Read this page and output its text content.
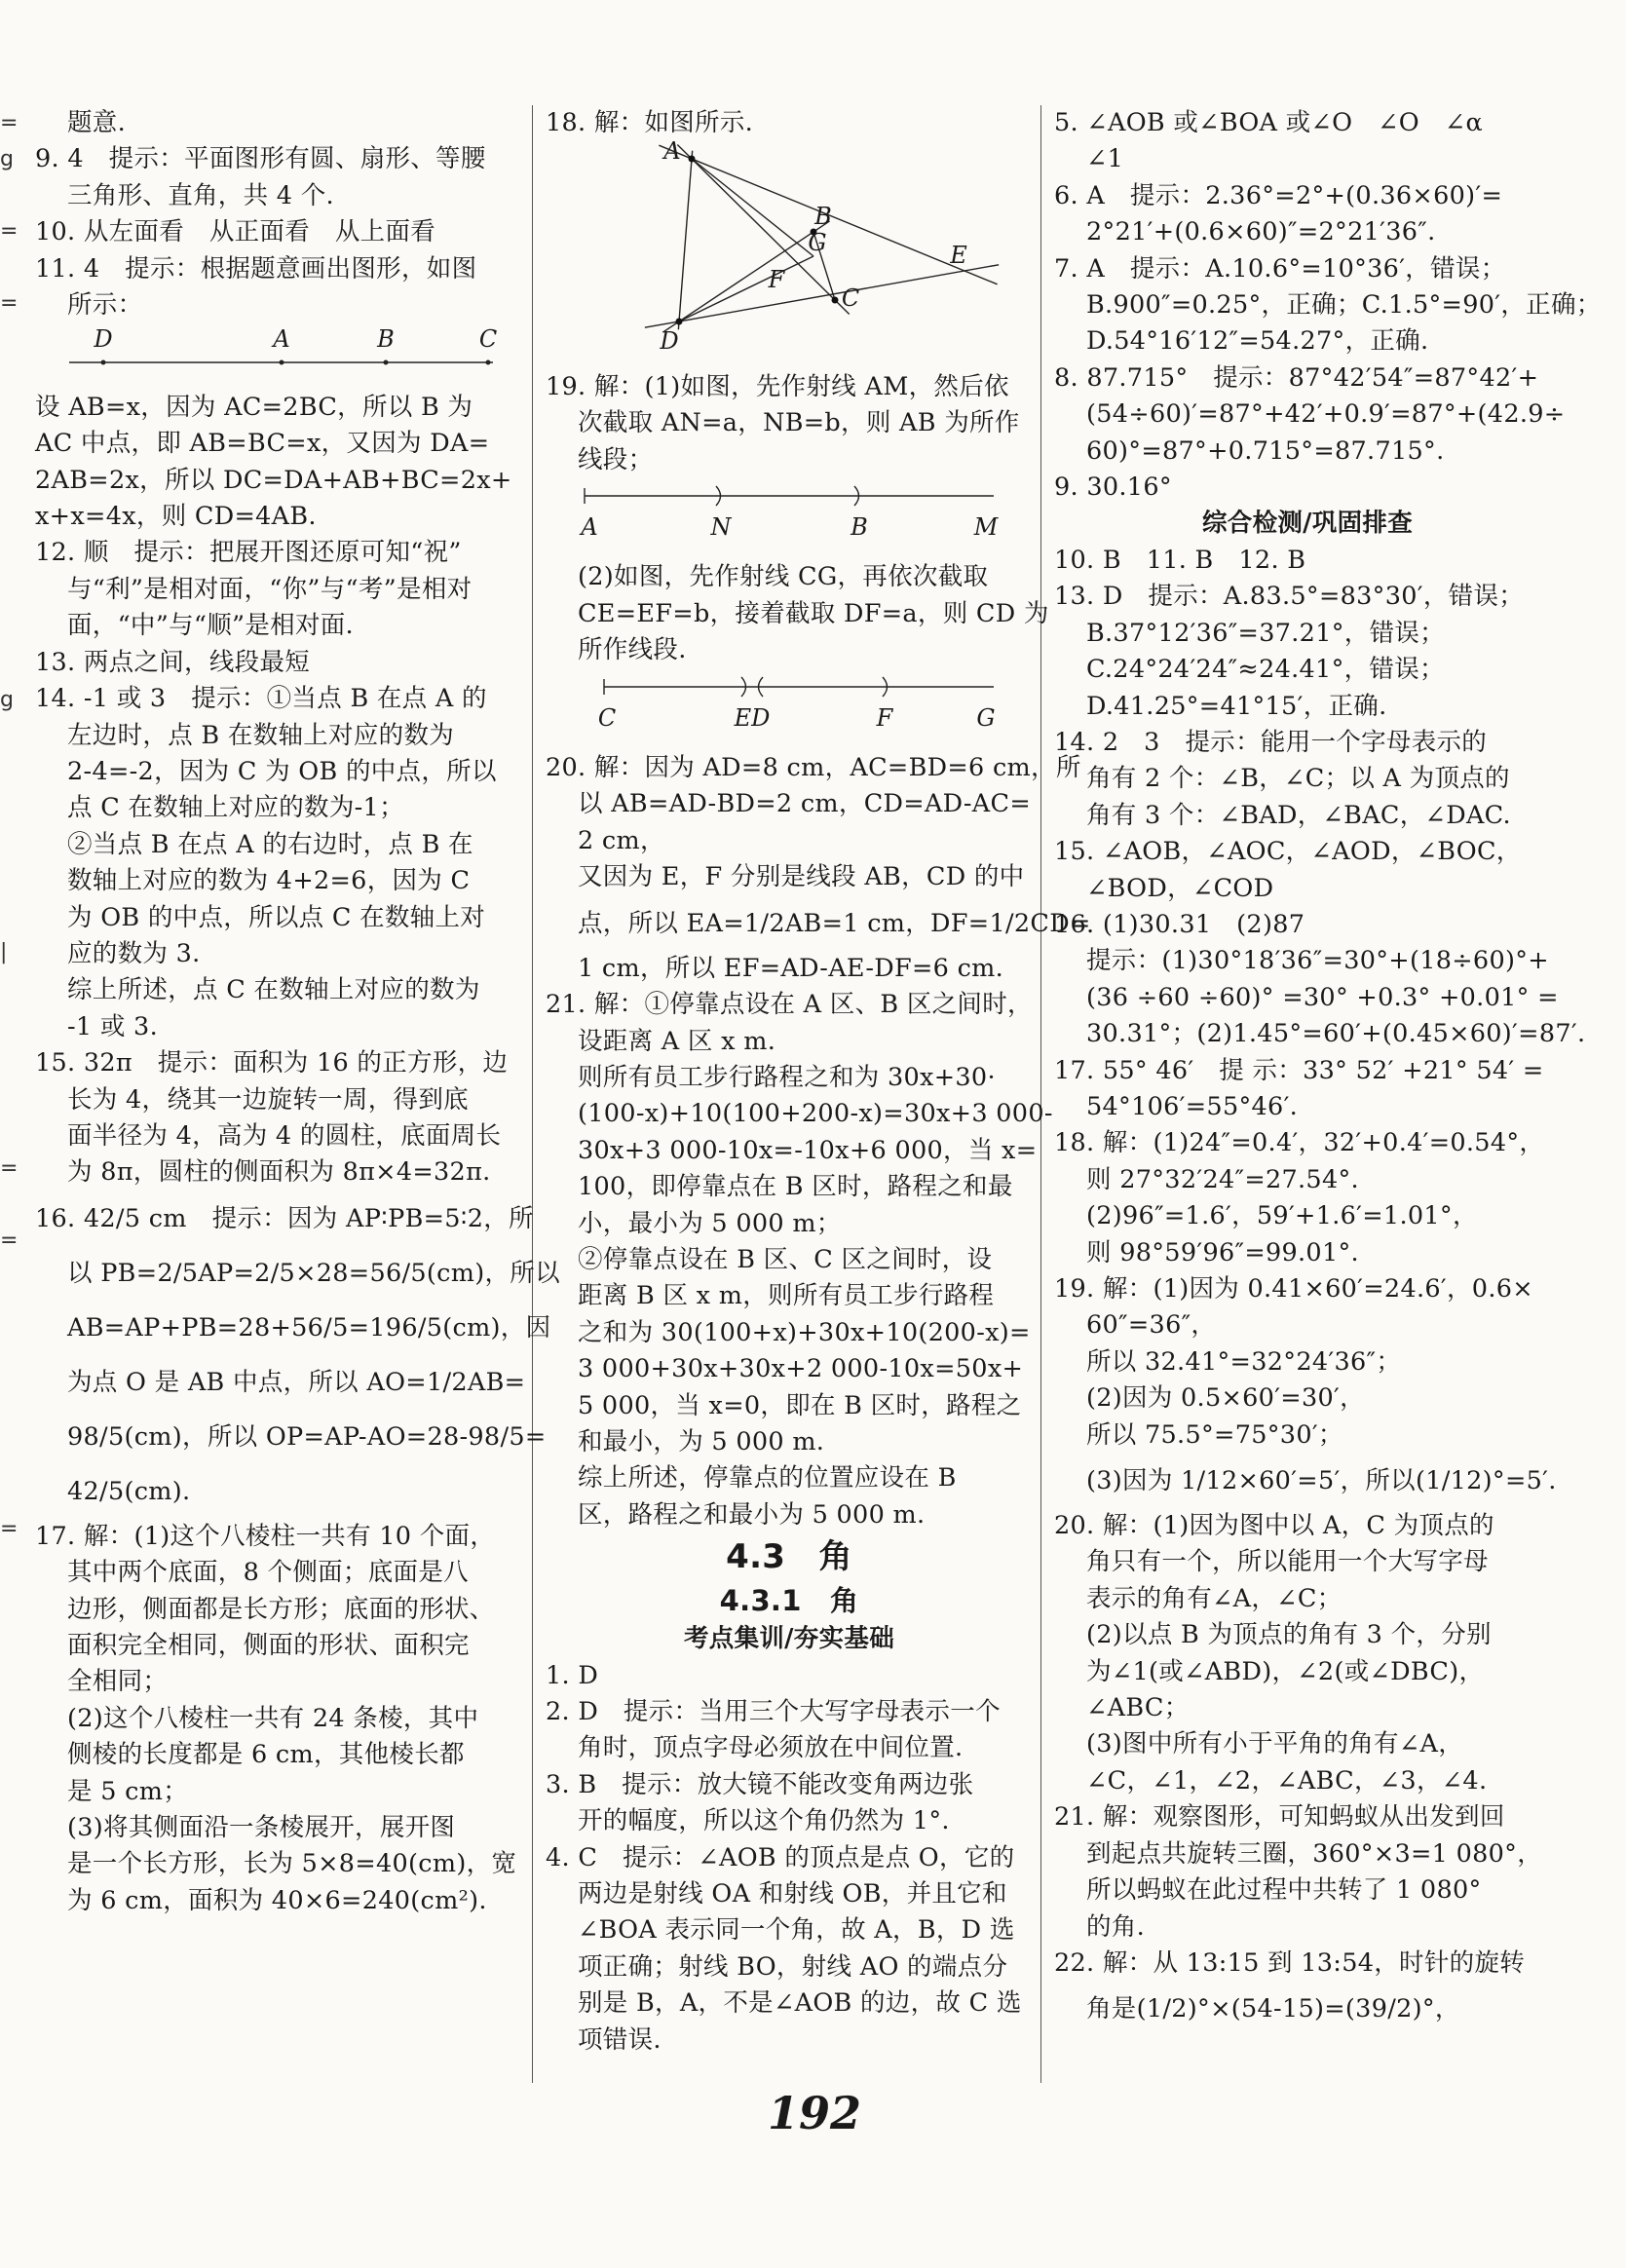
=
g

=

=

g

|

=

=

=

题意.
9. 4　提示：平面图形有圆、扇形、等腰
三角形、直角，共 4 个.
10. 从左面看　从正面看　从上面看
11. 4　提示：根据题意画出图形，如图
所示：
D	A	B	C
设 AB=x，因为 AC=2BC，所以 B 为
AC 中点，即 AB=BC=x，又因为 DA=
2AB=2x，所以 DC=DA+AB+BC=2x+
x+x=4x，则 CD=4AB.
12. 顺　提示：把展开图还原可知“祝”
与“利”是相对面，“你”与“考”是相对
面，“中”与“顺”是相对面.
13. 两点之间，线段最短
14. -1 或 3　提示：①当点 B 在点 A 的
左边时，点 B 在数轴上对应的数为
2-4=-2，因为 C 为 OB 的中点，所以
点 C 在数轴上对应的数为-1；
②当点 B 在点 A 的右边时，点 B 在
数轴上对应的数为 4+2=6，因为 C
为 OB 的中点，所以点 C 在数轴上对
应的数为 3.
综上所述，点 C 在数轴上对应的数为
-1 或 3.
15. 32π　提示：面积为 16 的正方形，边
长为 4，绕其一边旋转一周，得到底
面半径为 4，高为 4 的圆柱，底面周长
为 8π，圆柱的侧面积为 8π×4=32π.
16. 42/5 cm　提示：因为 AP∶PB=5∶2，所
以 PB=2/5AP=2/5×28=56/5(cm)，所以
AB=AP+PB=28+56/5=196/5(cm)，因
为点 O 是 AB 中点，所以 AO=1/2AB=
98/5(cm)，所以 OP=AP-AO=28-98/5=
42/5(cm).
17. 解：(1)这个八棱柱一共有 10 个面，
其中两个底面，8 个侧面；底面是八
边形，侧面都是长方形；底面的形状、
面积完全相同，侧面的形状、面积完
全相同；
(2)这个八棱柱一共有 24 条棱，其中
侧棱的长度都是 6 cm，其他棱长都
是 5 cm；
(3)将其侧面沿一条棱展开，展开图
是一个长方形，长为 5×8=40(cm)，宽
为 6 cm，面积为 40×6=240(cm²).
18. 解：如图所示.
A
B
G	E
F
C
D
19. 解：(1)如图，先作射线 AM，然后依
次截取 AN=a，NB=b，则 AB 为所作
线段；
A	N	B	M
(2)如图，先作射线 CG，再依次截取
CE=EF=b，接着截取 DF=a，则 CD 为
所作线段.
C	ED	F	G
20. 解：因为 AD=8 cm，AC=BD=6 cm，所
以 AB=AD-BD=2 cm，CD=AD-AC=
2 cm，
又因为 E，F 分别是线段 AB，CD 的中
点，所以 EA=1/2AB=1 cm，DF=1/2CD=
1 cm，所以 EF=AD-AE-DF=6 cm.
21. 解：①停靠点设在 A 区、B 区之间时，
设距离 A 区 x m.
则所有员工步行路程之和为 30x+30·
(100-x)+10(100+200-x)=30x+3 000-
30x+3 000-10x=-10x+6 000，当 x=
100，即停靠点在 B 区时，路程之和最
小，最小为 5 000 m；
②停靠点设在 B 区、C 区之间时，设
距离 B 区 x m，则所有员工步行路程
之和为 30(100+x)+30x+10(200-x)=
3 000+30x+30x+2 000-10x=50x+
5 000，当 x=0，即在 B 区时，路程之
和最小，为 5 000 m.
综上所述，停靠点的位置应设在 B
区，路程之和最小为 5 000 m.
4.3　角
4.3.1　角
考点集训/夯实基础
1. D
2. D　提示：当用三个大写字母表示一个
角时，顶点字母必须放在中间位置.
3. B　提示：放大镜不能改变角两边张
开的幅度，所以这个角仍然为 1°.
4. C　提示：∠AOB 的顶点是点 O，它的
两边是射线 OA 和射线 OB，并且它和
∠BOA 表示同一个角，故 A，B，D 选
项正确；射线 BO，射线 AO 的端点分
别是 B，A，不是∠AOB 的边，故 C 选
项错误.
5. ∠AOB 或∠BOA 或∠O　∠O　∠α
∠1
6. A　提示：2.36°=2°+(0.36×60)′=
2°21′+(0.6×60)″=2°21′36″.
7. A　提示：A.10.6°=10°36′，错误；
B.900″=0.25°，正确；C.1.5°=90′，正确；
D.54°16′12″=54.27°，正确.
8. 87.715°　提示：87°42′54″=87°42′+
(54÷60)′=87°+42′+0.9′=87°+(42.9÷
60)°=87°+0.715°=87.715°.
9. 30.16°
综合检测/巩固排查
10. B　11. B　12. B
13. D　提示：A.83.5°=83°30′，错误；
B.37°12′36″=37.21°，错误；
C.24°24′24″≈24.41°，错误；
D.41.25°=41°15′，正确.
14. 2　3　提示：能用一个字母表示的
角有 2 个：∠B，∠C；以 A 为顶点的
角有 3 个：∠BAD，∠BAC，∠DAC.
15. ∠AOB，∠AOC，∠AOD，∠BOC，
∠BOD，∠COD
16. (1)30.31　(2)87
提示：(1)30°18′36″=30°+(18÷60)°+
(36 ÷60 ÷60)° =30° +0.3° +0.01° =
30.31°；(2)1.45°=60′+(0.45×60)′=87′.
17. 55° 46′　提 示：33° 52′ +21° 54′ =
54°106′=55°46′.
18. 解：(1)24″=0.4′，32′+0.4′=0.54°，
则 27°32′24″=27.54°.
(2)96″=1.6′，59′+1.6′=1.01°，
则 98°59′96″=99.01°.
19. 解：(1)因为 0.41×60′=24.6′，0.6×
60″=36″，
所以 32.41°=32°24′36″；
(2)因为 0.5×60′=30′，
所以 75.5°=75°30′；
(3)因为 1/12×60′=5′，所以(1/12)°=5′.
20. 解：(1)因为图中以 A，C 为顶点的
角只有一个，所以能用一个大写字母
表示的角有∠A，∠C；
(2)以点 B 为顶点的角有 3 个，分别
为∠1(或∠ABD)，∠2(或∠DBC)，
∠ABC；
(3)图中所有小于平角的角有∠A，
∠C，∠1，∠2，∠ABC，∠3，∠4.
21. 解：观察图形，可知蚂蚁从出发到回
到起点共旋转三圈，360°×3=1 080°，
所以蚂蚁在此过程中共转了 1 080°
的角.
22. 解：从 13:15 到 13:54，时针的旋转
角是(1/2)°×(54-15)=(39/2)°，
192
